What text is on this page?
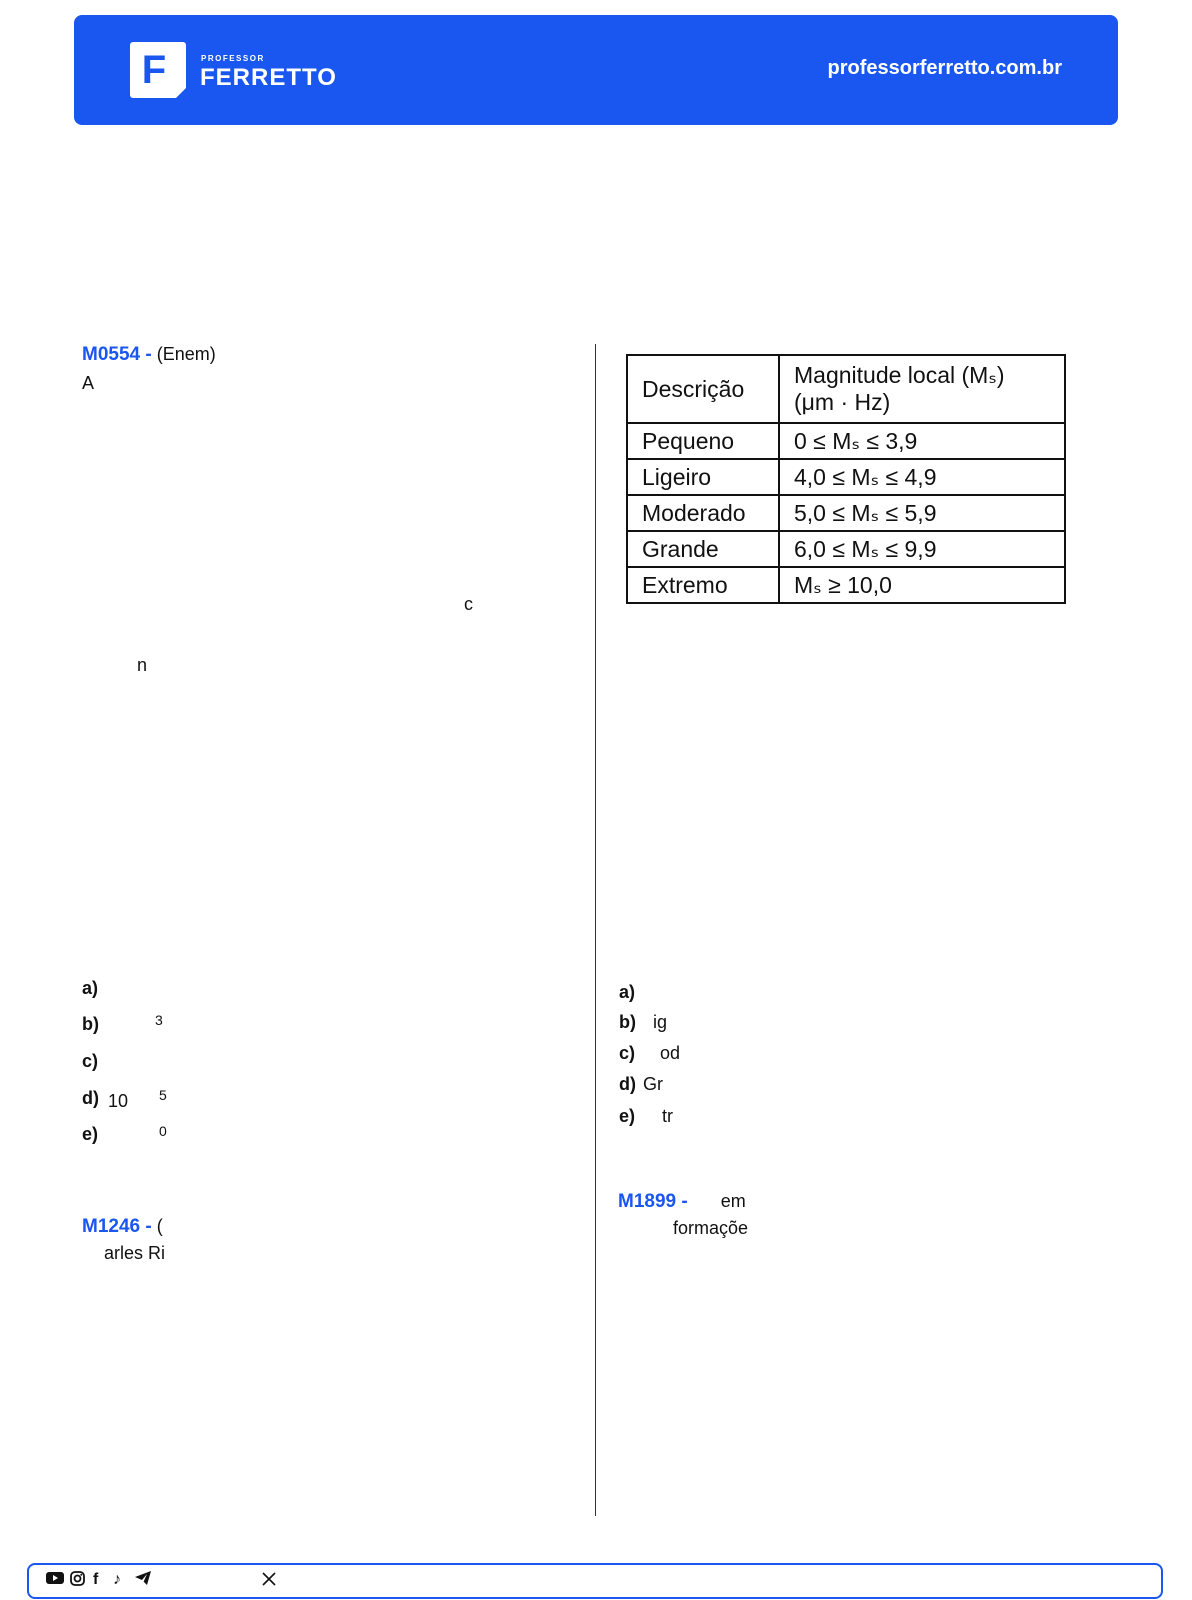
F	PROFESSOR
FERRETTO	professorferretto.com.br
M0554 - (Enem)
A
c
n
a)
b)	3
c)
d) 10 5
e)	0
M1246 - (
arles Ri
Descrição	Magnitude local (Mₛ) (μm · Hz)
Pequeno	0 ≤ Mₛ ≤ 3,9
Ligeiro	4,0 ≤ Mₛ ≤ 4,9
Moderado	5,0 ≤ Mₛ ≤ 5,9
Grande	6,0 ≤ Mₛ ≤ 9,9
Extremo	Mₛ ≥ 10,0
a)
b) ig
c) od
d) Gr
e) tr
M1899 - em
formaçõe
f ♪
